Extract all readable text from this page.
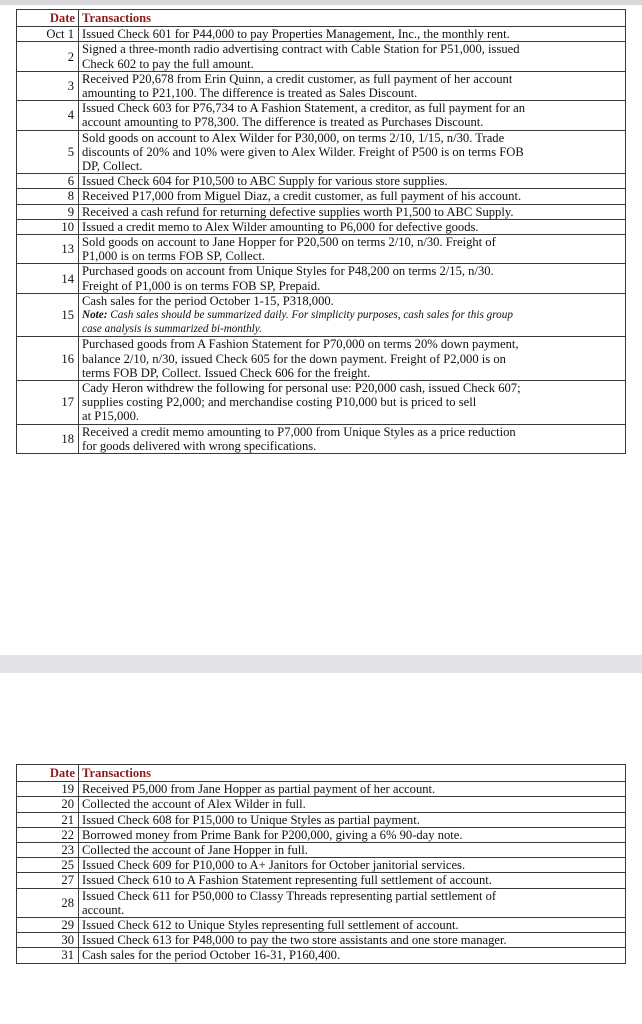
Date	Transactions
Oct 1	Issued Check 601 for P44,000 to pay Properties Management, Inc., the monthly rent.

2	Signed a three-month radio advertising contract with Cable Station for P51,000, issued
Check 602 to pay the full amount.

3	Received P20,678 from Erin Quinn, a credit customer, as full payment of her account
amounting to P21,100. The difference is treated as Sales Discount.

4	Issued Check 603 for P76,734 to A Fashion Statement, a creditor, as full payment for an
account amounting to P78,300. The difference is treated as Purchases Discount.

5	Sold goods on account to Alex Wilder for P30,000, on terms 2/10, 1/15, n/30. Trade
discounts of 20% and 10% were given to Alex Wilder. Freight of P500 is on terms FOB
DP, Collect.

6	Issued Check 604 for P10,500 to ABC Supply for various store supplies.

8	Received P17,000 from Miguel Diaz, a credit customer, as full payment of his account.

9	Received a cash refund for returning defective supplies worth P1,500 to ABC Supply.

10	Issued a credit memo to Alex Wilder amounting to P6,000 for defective goods.

13	Sold goods on account to Jane Hopper for P20,500 on terms 2/10, n/30. Freight of
P1,000 is on terms FOB SP, Collect.

14	Purchased goods on account from Unique Styles for P48,200 on terms 2/15, n/30.
Freight of P1,000 is on terms FOB SP, Prepaid.

15	Cash sales for the period October 1-15, P318,000.
Note: Cash sales should be summarized daily. For simplicity purposes, cash sales for this group
case analysis is summarized bi-monthly.

16	Purchased goods from A Fashion Statement for P70,000 on terms 20% down payment,
balance 2/10, n/30, issued Check 605 for the down payment. Freight of P2,000 is on
terms FOB DP, Collect. Issued Check 606 for the freight.

17	Cady Heron withdrew the following for personal use: P20,000 cash, issued Check 607;
supplies costing P2,000; and merchandise costing P10,000 but is priced to sell
at P15,000.

18	Received a credit memo amounting to P7,000 from Unique Styles as a price reduction
for goods delivered with wrong specifications.
Date	Transactions
19	Received P5,000 from Jane Hopper as partial payment of her account.

20	Collected the account of Alex Wilder in full.

21	Issued Check 608 for P15,000 to Unique Styles as partial payment.

22	Borrowed money from Prime Bank for P200,000, giving a 6% 90-day note.

23	Collected the account of Jane Hopper in full.

25	Issued Check 609 for P10,000 to A+ Janitors for October janitorial services.

27	Issued Check 610 to A Fashion Statement representing full settlement of account.

28	Issued Check 611 for P50,000 to Classy Threads representing partial settlement of
account.

29	Issued Check 612 to Unique Styles representing full settlement of account.

30	Issued Check 613 for P48,000 to pay the two store assistants and one store manager.

31	Cash sales for the period October 16-31, P160,400.
